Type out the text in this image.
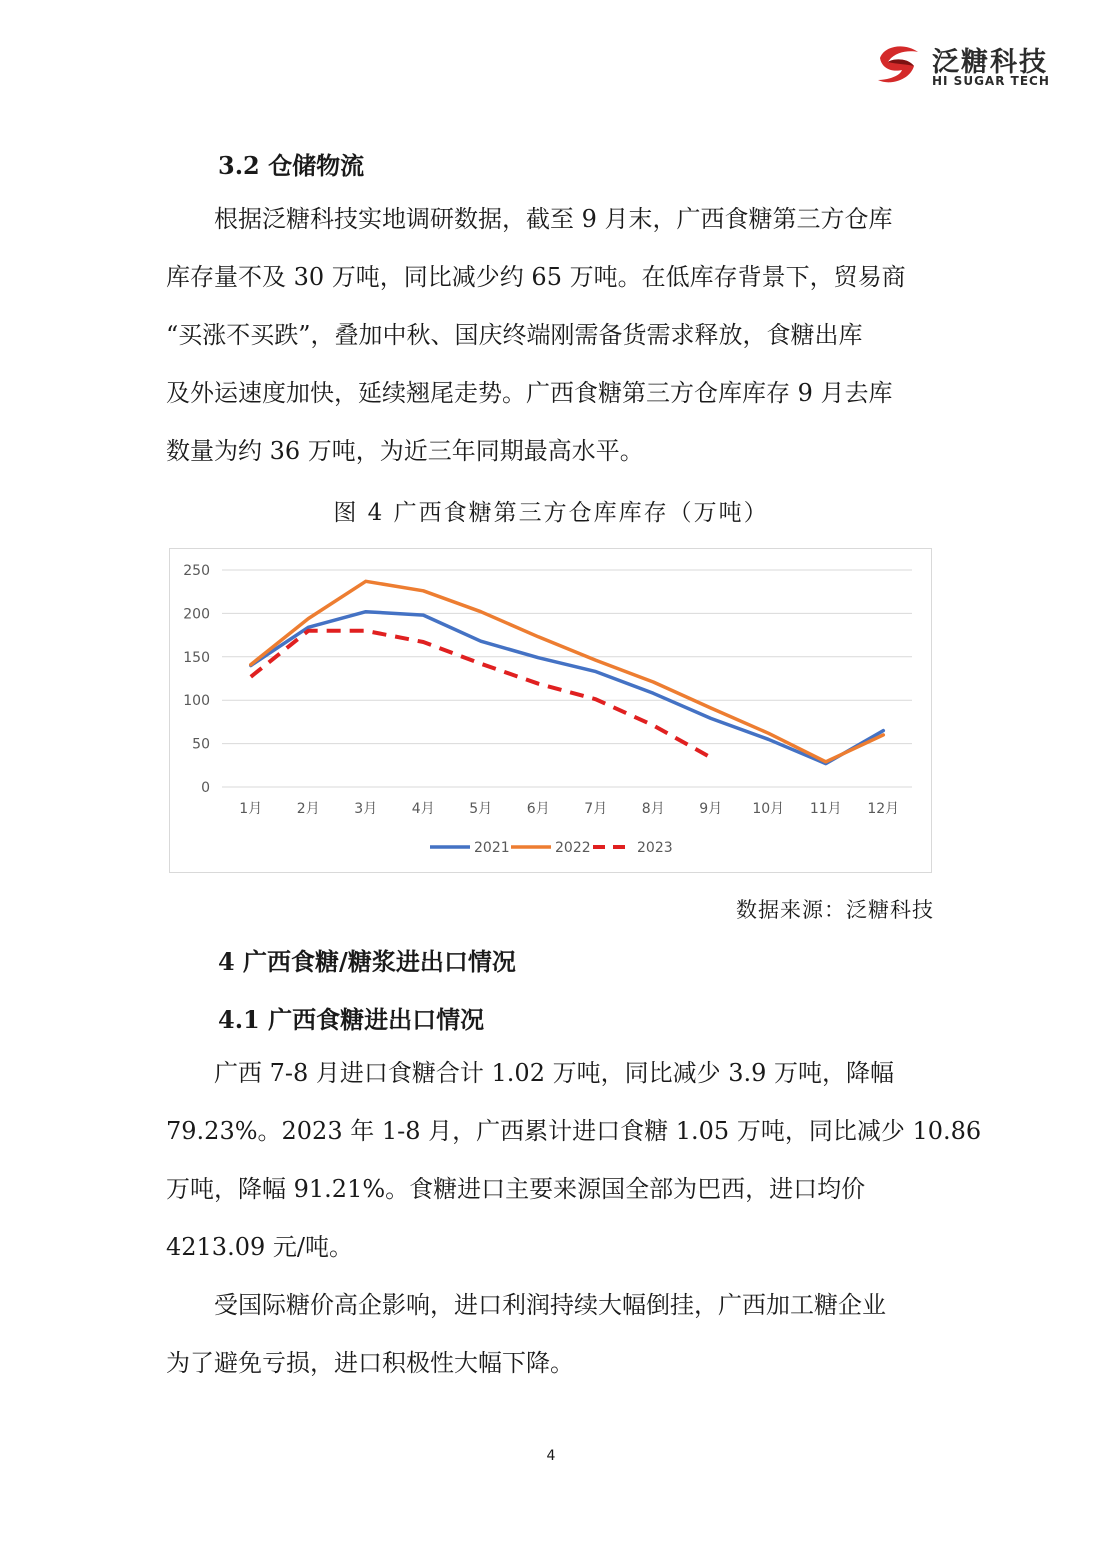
泛糖科技
HI SUGAR TECH
3.2 仓储物流
　　根据泛糖科技实地调研数据，截至 9 月末，广西食糖第三方仓库
库存量不及 30 万吨，同比减少约 65 万吨。在低库存背景下，贸易商
“买涨不买跌”，叠加中秋、国庆终端刚需备货需求释放，食糖出库
及外运速度加快，延续翘尾走势。广西食糖第三方仓库库存 9 月去库
数量为约 36 万吨，为近三年同期最高水平。
图 4 广西食糖第三方仓库库存（万吨）
0
50
100
150
200
250
1月 2月 3月 4月 5月 6月 7月 8月 9月 10月 11月 12月
2021	2022	2023
数据来源：泛糖科技
4 广西食糖/糖浆进出口情况
4.1 广西食糖进出口情况
　　广西 7-8 月进口食糖合计 1.02 万吨，同比减少 3.9 万吨，降幅
79.23%。2023 年 1-8 月，广西累计进口食糖 1.05 万吨，同比减少 10.86
万吨，降幅 91.21%。食糖进口主要来源国全部为巴西，进口均价
4213.09 元/吨。
　　受国际糖价高企影响，进口利润持续大幅倒挂，广西加工糖企业
为了避免亏损，进口积极性大幅下降。
4
